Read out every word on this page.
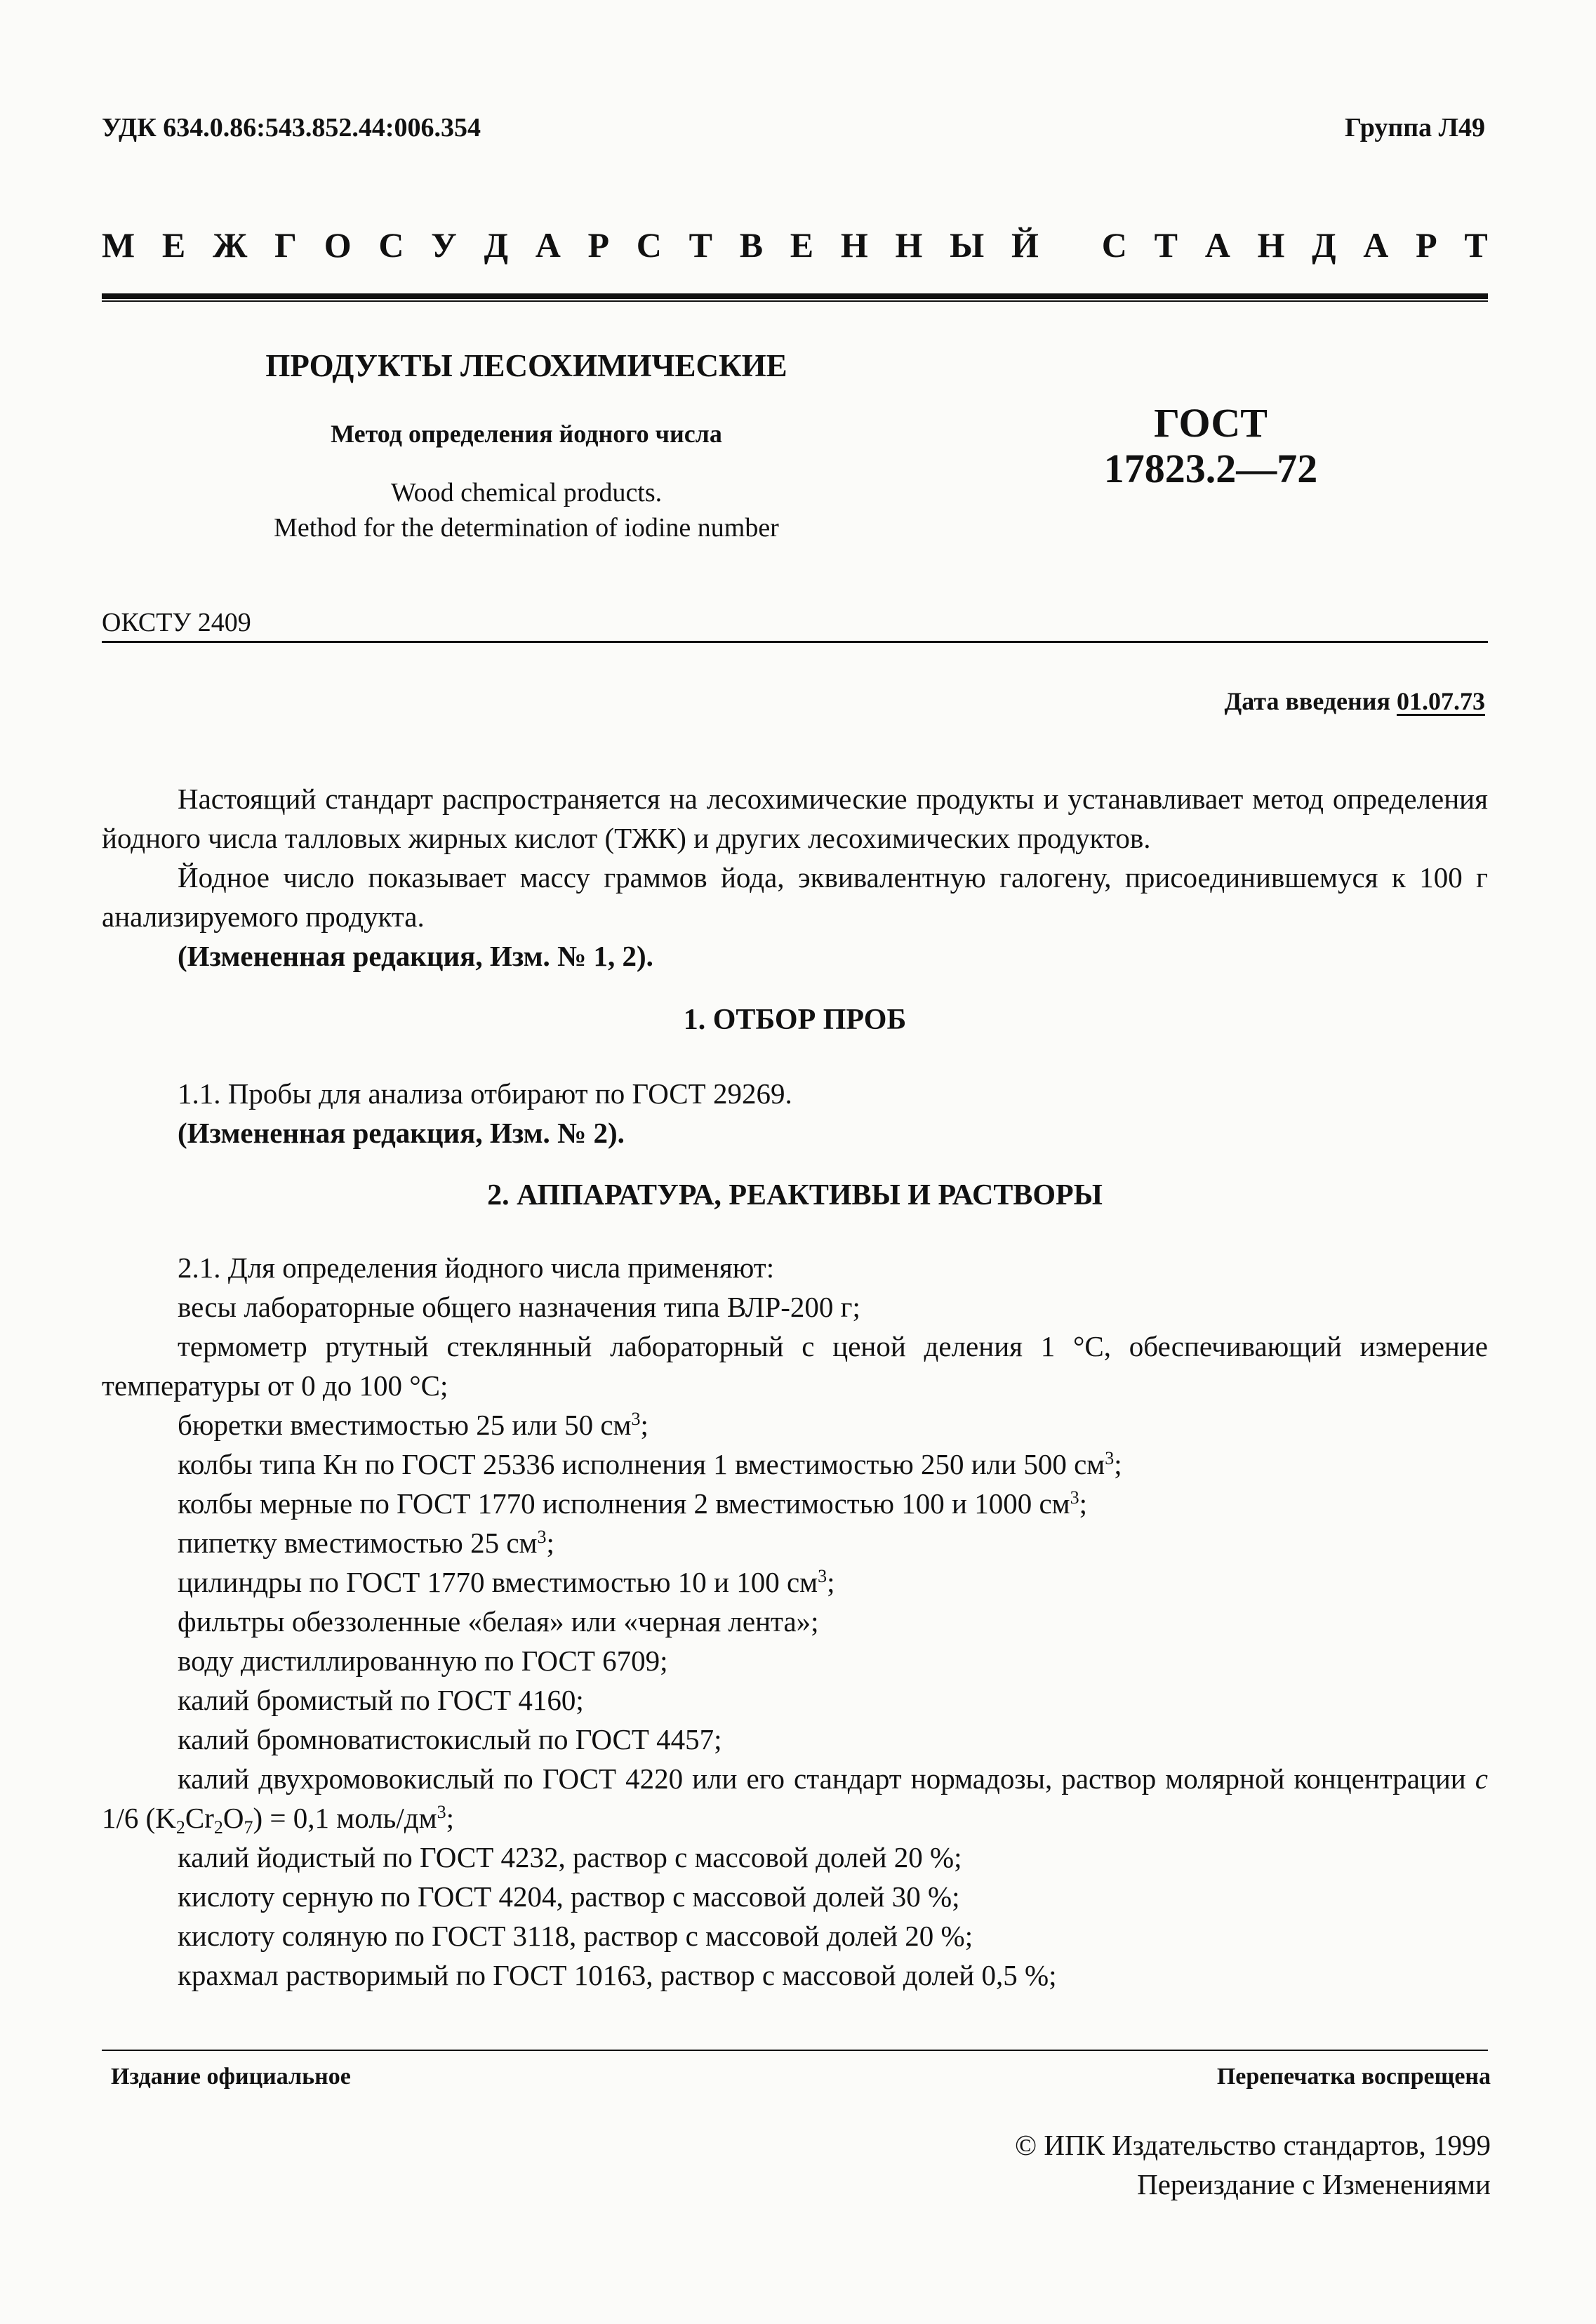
УДК 634.0.86:543.852.44:006.354	Группа Л49
М Е Ж Г О С У Д А Р С Т В Е Н Н Ы Й
С Т А Н Д А Р Т
ПРОДУКТЫ ЛЕСОХИМИЧЕСКИЕ
Метод определения йодного числа
Wood chemical products.
Method for the determination of iodine number
ГОСТ
17823.2—72
ОКСТУ 2409
Дата введения 01.07.73
Настоящий стандарт распространяется на лесохимические продукты и устанавливает метод определения йодного числа талловых жирных кислот (ТЖК) и других лесохимических продуктов.
Йодное число показывает массу граммов йода, эквивалентную галогену, присоединившемуся к 100 г анализируемого продукта.
(Измененная редакция, Изм. № 1, 2).
1. ОТБОР ПРОБ
1.1. Пробы для анализа отбирают по ГОСТ 29269.
(Измененная редакция, Изм. № 2).
2. АППАРАТУРА, РЕАКТИВЫ И РАСТВОРЫ
2.1. Для определения йодного числа применяют:
весы лабораторные общего назначения типа ВЛР-200 г;
термометр ртутный стеклянный лабораторный с ценой деления 1 °С, обеспечивающий измерение температуры от 0 до 100 °С;
бюретки вместимостью 25 или 50 $см^3$;
колбы типа Кн по ГОСТ 25336 исполнения 1 вместимостью 250 или 500 $см^3$;
колбы мерные по ГОСТ 1770 исполнения 2 вместимостью 100 и 1000 $см^3$;
пипетку вместимостью 25 $см^3$;
цилиндры по ГОСТ 1770 вместимостью 10 и 100 $см^3$;
фильтры обеззоленные «белая» или «черная лента»;
воду дистиллированную по ГОСТ 6709;
калий бромистый по ГОСТ 4160;
калий бромноватистокислый по ГОСТ 4457;
калий двухромовокислый по ГОСТ 4220 или его стандарт нормадозы, раствор молярной концентрации c 1/6 $(K_2Cr_2O_7) = 0,1$ моль/$дм^3$;
калий йодистый по ГОСТ 4232, раствор с массовой долей 20 %;
кислоту серную по ГОСТ 4204, раствор с массовой долей 30 %;
кислоту соляную по ГОСТ 3118, раствор с массовой долей 20 %;
крахмал растворимый по ГОСТ 10163, раствор с массовой долей 0,5 %;
Издание официальное	Перепечатка воспрещена
© ИПК Издательство стандартов, 1999
Переиздание с Изменениями
